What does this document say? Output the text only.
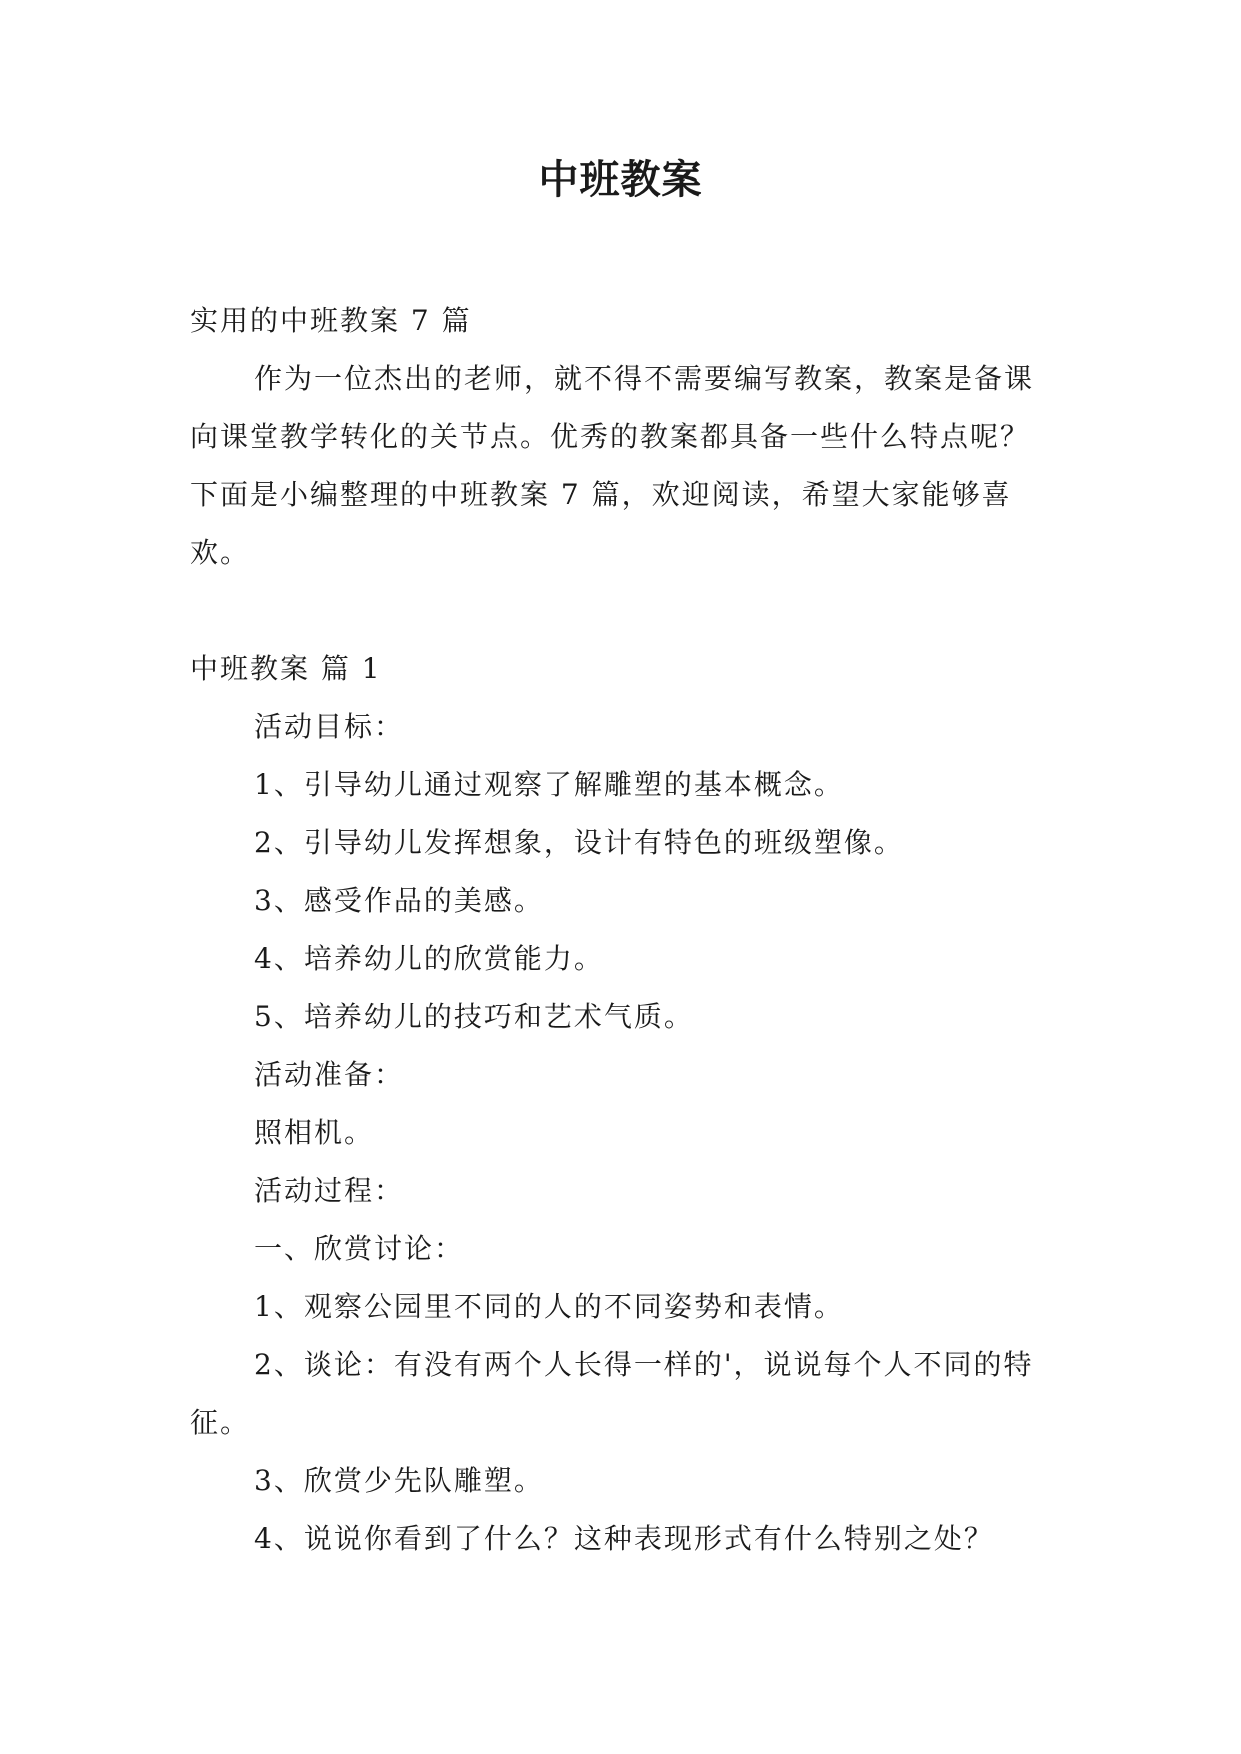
中班教案

实用的中班教案 7 篇

作为一位杰出的老师，就不得不需要编写教案，教案是备课向课堂教学转化的关节点。优秀的教案都具备一些什么特点呢？下面是小编整理的中班教案 7 篇，欢迎阅读，希望大家能够喜欢。

中班教案 篇 1

活动目标：

1、引导幼儿通过观察了解雕塑的基本概念。

2、引导幼儿发挥想象，设计有特色的班级塑像。

3、感受作品的美感。

4、培养幼儿的欣赏能力。

5、培养幼儿的技巧和艺术气质。

活动准备：

照相机。

活动过程：

一、欣赏讨论：

1、观察公园里不同的人的不同姿势和表情。

2、谈论：有没有两个人长得一样的'，说说每个人不同的特征。

3、欣赏少先队雕塑。

4、说说你看到了什么？这种表现形式有什么特别之处？
